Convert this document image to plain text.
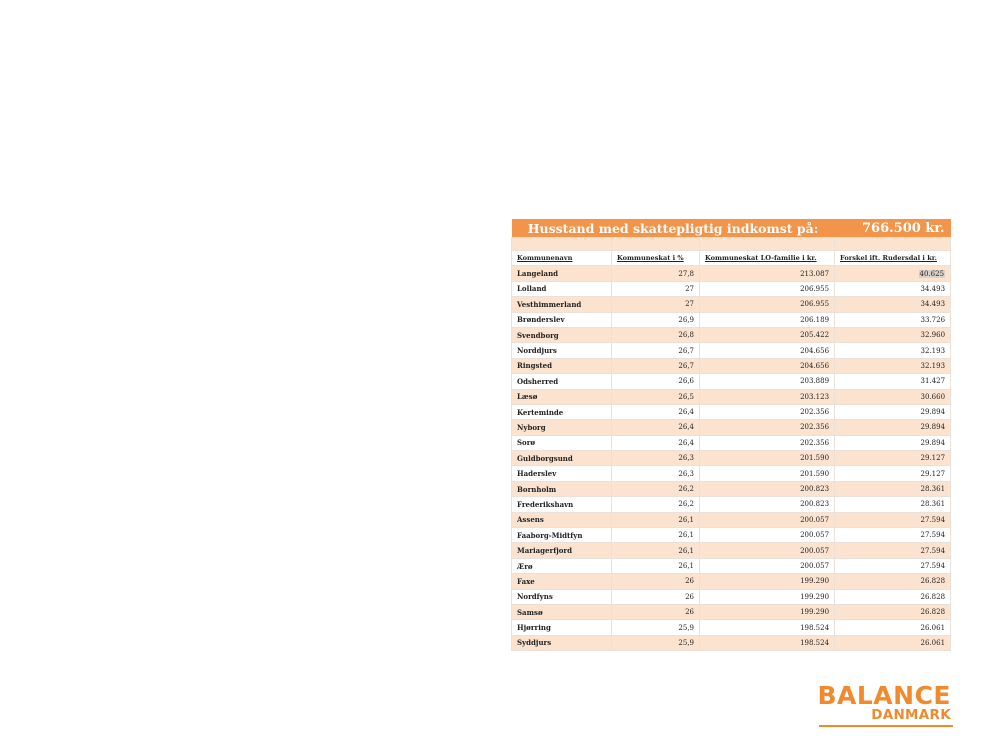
Husstand med skattepligtig indkomst på:			766.500 kr.

Kommunenavn	Kommuneskat i %	Kommuneskat LO-familie i kr.	Forskel ift. Rudersdal i kr.
Langeland	27,8	213.087	40.625
Lolland	27	206.955	34.493
Vesthimmerland	27	206.955	34.493
Brønderslev	26,9	206.189	33.726
Svendborg	26,8	205.422	32.960
Norddjurs	26,7	204.656	32.193
Ringsted	26,7	204.656	32.193
Odsherred	26,6	203.889	31.427
Læsø	26,5	203.123	30.660
Kerteminde	26,4	202.356	29.894
Nyborg	26,4	202.356	29.894
Sorø	26,4	202.356	29.894
Guldborgsund	26,3	201.590	29.127
Haderslev	26,3	201.590	29.127
Bornholm	26,2	200.823	28.361
Frederikshavn	26,2	200.823	28.361
Assens	26,1	200.057	27.594
Faaborg-Midtfyn	26,1	200.057	27.594
Mariagerfjord	26,1	200.057	27.594
Ærø	26,1	200.057	27.594
Faxe	26	199.290	26.828
Nordfyns	26	199.290	26.828
Samsø	26	199.290	26.828
Hjørring	25,9	198.524	26.061
Syddjurs	25,9	198.524	26.061
BALANCE
DANMARK
